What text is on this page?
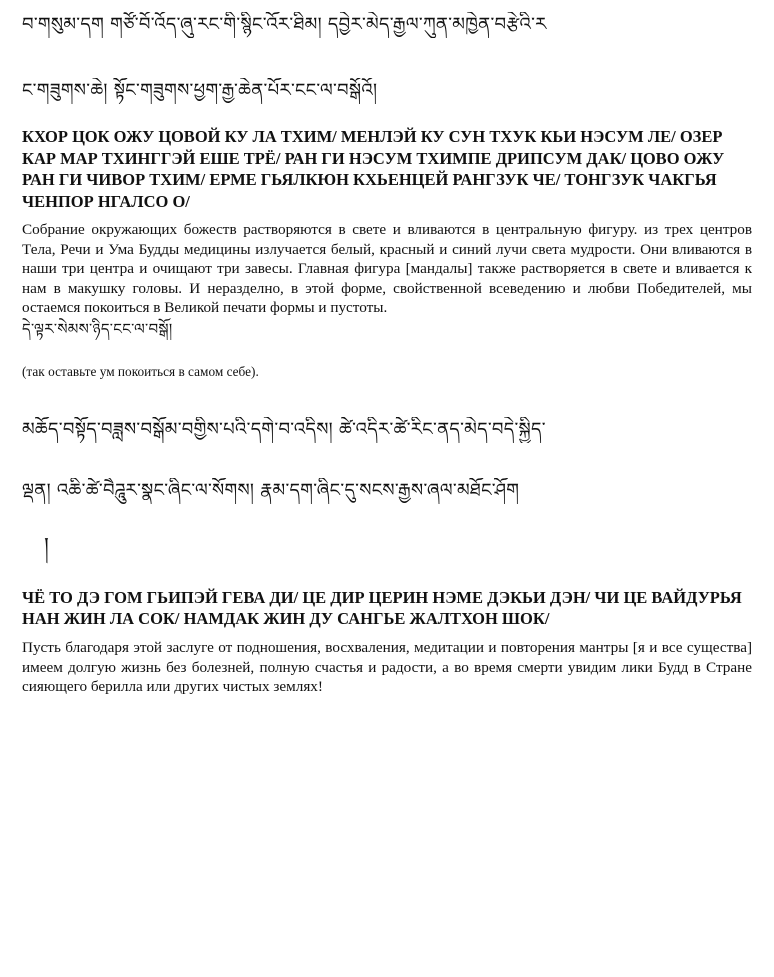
བ་གསུམ་དག གཙོ་བོ་འོད་ཞུ་རང་གི་སྙིང་འོར་ཐིམ། དབྱེར་མེད་རྒྱལ་ཀུན་མཁྱེན་བརྩེའི་ར

ང་གཟུགས་ཆེ། སྟོང་གཟུགས་ཕྱག་རྒྱ་ཆེན་པོར་ངང་ལ་བསྒོའོ།

КХОР ЦОК ОЖУ ЦОВОЙ КУ ЛА ТХИМ/ МЕНЛЭЙ КУ СУН ТХУК КЬИ НЭСУМ ЛЕ/ ОЗЕР КАР МАР ТХИНГГЭЙ ЕШЕ ТРЁ/ РАН ГИ НЭСУМ ТХИМПЕ ДРИПСУМ ДАК/ ЦОВО ОЖУ РАН ГИ ЧИВОР ТХИМ/ ЕРМЕ ГЬЯЛКЮН КХЬЕНЦЕЙ РАНГЗУК ЧЕ/ ТОНГЗУК ЧАКГЬЯ ЧЕНПОР НГАЛСО О/

Собрание окружающих божеств растворяются в свете и вливаются в центральную фигуру. из трех центров Тела, Речи и Ума Будды медицины излучается белый, красный и синий лучи света мудрости. Они вливаются в наши три центра и очищают три завесы. Главная фигура [мандалы] также растворяется в свете и вливается к нам в макушку головы. И неразделно, в этой форме, свойственной всеведению и любви Победителей, мы остаемся покоиться в Великой печати формы и пустоты.

དེ་ལྟར་སེམས་ཉིད་ངང་ལ་བསྒོ།

(так оставьте ум покоиться в самом себе).

མཆོད་བསྟོད་བཟླས་བསྒོམ་བགྱིས་པའི་དགེ་བ་འདིས། ཚེ་འདིར་ཚེ་རིང་ནད་མེད་བདེ་སྐྱིད་

ལྡན། འཆི་ཚེ་བཻཌཱུར་སྣང་ཞིང་ལ་སོགས། རྣམ་དག་ཞིང་དུ་སངས་རྒྱས་ཞལ་མཐོང་ཤོག

།

ЧЁ ТО ДЭ ГОМ ГЬИПЭЙ ГЕВА ДИ/ ЦЕ ДИР ЦЕРИН НЭМЕ ДЭКЬИ ДЭН/ ЧИ ЦЕ ВАЙДУРЬЯ НАН ЖИН ЛА СОК/ НАМДАК ЖИН ДУ САНГЬЕ ЖАЛТХОН ШОК/

Пусть благодаря этой заслуге от подношения, восхваления, медитации и повторения мантры [я и все существа] имеем долгую жизнь без болезней, полную счастья и радости, а во время смерти увидим лики Будд в Стране сияющего берилла или других чистых землях!
